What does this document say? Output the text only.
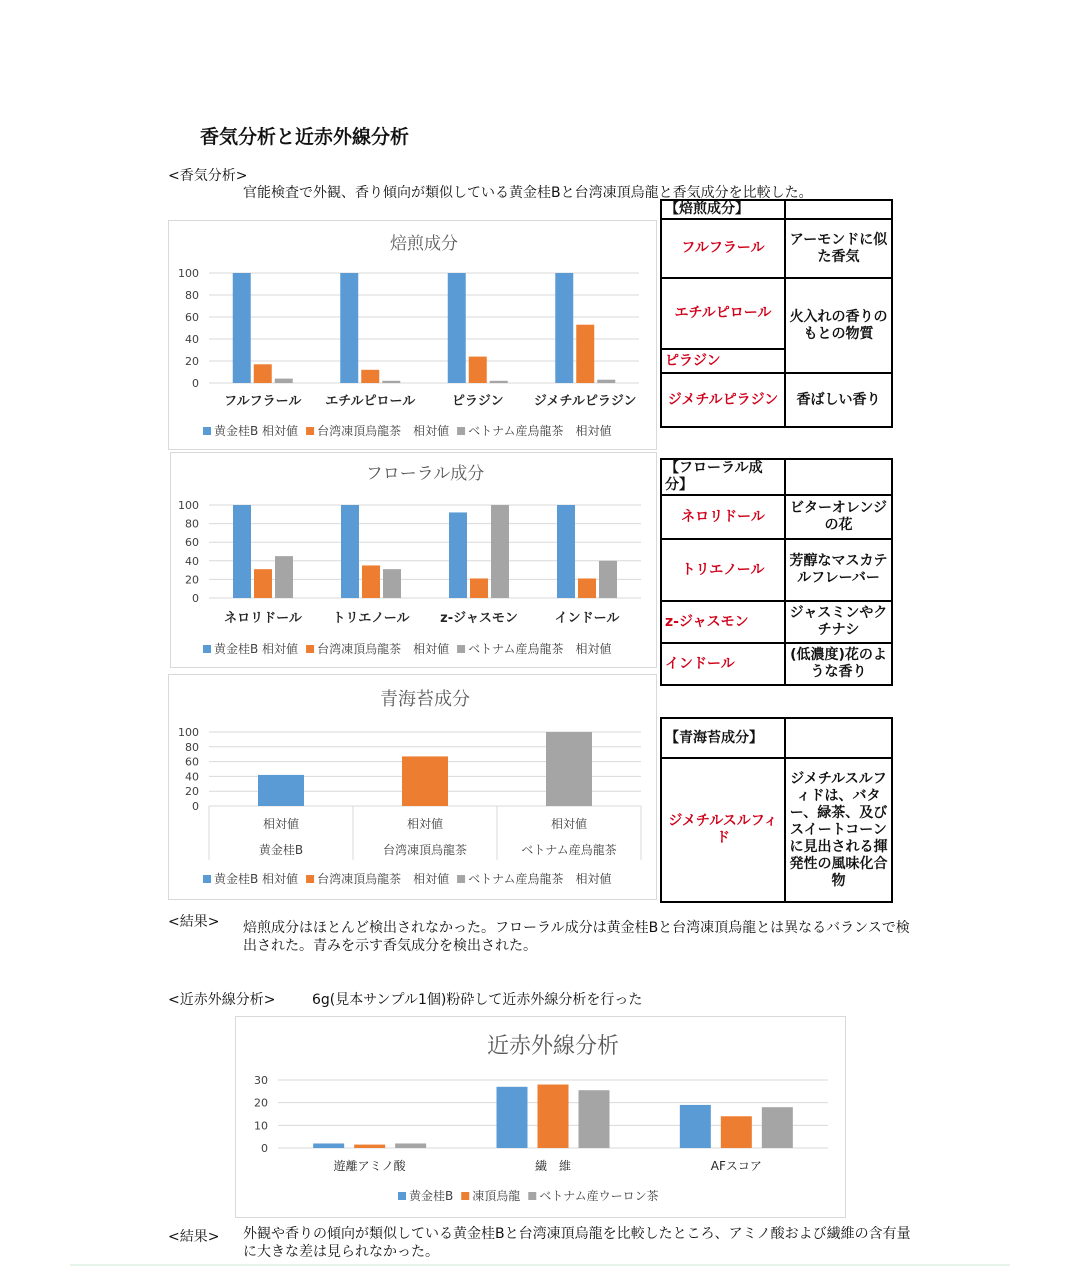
香気分析と近赤外線分析
<香気分析>
官能検査で外観、香り傾向が類似している黄金桂Bと台湾凍頂烏龍と香気成分を比較した。
焙煎成分
0
20
40
60
80
100
フルフラール エチルピロール	ピラジン ジメチルピラジン
黄金桂B 相対値 台湾凍頂烏龍茶　相対値 ベトナム産烏龍茶　相対値
フローラル成分
0
20
40
60
80
100
ネロリドール トリエノール z-ジャスモン	インドール
黄金桂B 相対値 台湾凍頂烏龍茶　相対値 ベトナム産烏龍茶　相対値
青海苔成分
0
20
40
60
80
100
相対値
黄金桂B
相対値
台湾凍頂烏龍茶
相対値
ベトナム産烏龍茶
黄金桂B 相対値 台湾凍頂烏龍茶　相対値 ベトナム産烏龍茶　相対値
【焙煎成分】	
フルフラール	アーモンドに似た香気
エチルピロール	火入れの香りのもとの物質
ピラジン	
ジメチルピラジン	香ばしい香り
【フローラル成分】	
ネロリドール	ビターオレンジの花
トリエノール	芳醇なマスカテルフレーバー
z-ジャスモン	ジャスミンやクチナシ
インドール	(低濃度)花のような香り
【青海苔成分】	
ジメチルスルフィド	ジメチルスルフィドは、バター、緑茶、及びスイートコーンに見出される揮発性の風味化合物
<結果> 焙煎成分はほとんど検出されなかった。フローラル成分は黄金桂Bと台湾凍頂烏龍とは異なるバランスで検
出された。青みを示す香気成分を検出された。
<近赤外線分析>	6g(見本サンプル1個)粉砕して近赤外線分析を行った
近赤外線分析
0
10
20
30
遊離アミノ酸	繊　維	AFスコア
黄金桂B 凍頂烏龍 ベトナム産ウーロン茶
<結果> 外観や香りの傾向が類似している黄金桂Bと台湾凍頂烏龍を比較したところ、アミノ酸および繊維の含有量
に大きな差は見られなかった。
